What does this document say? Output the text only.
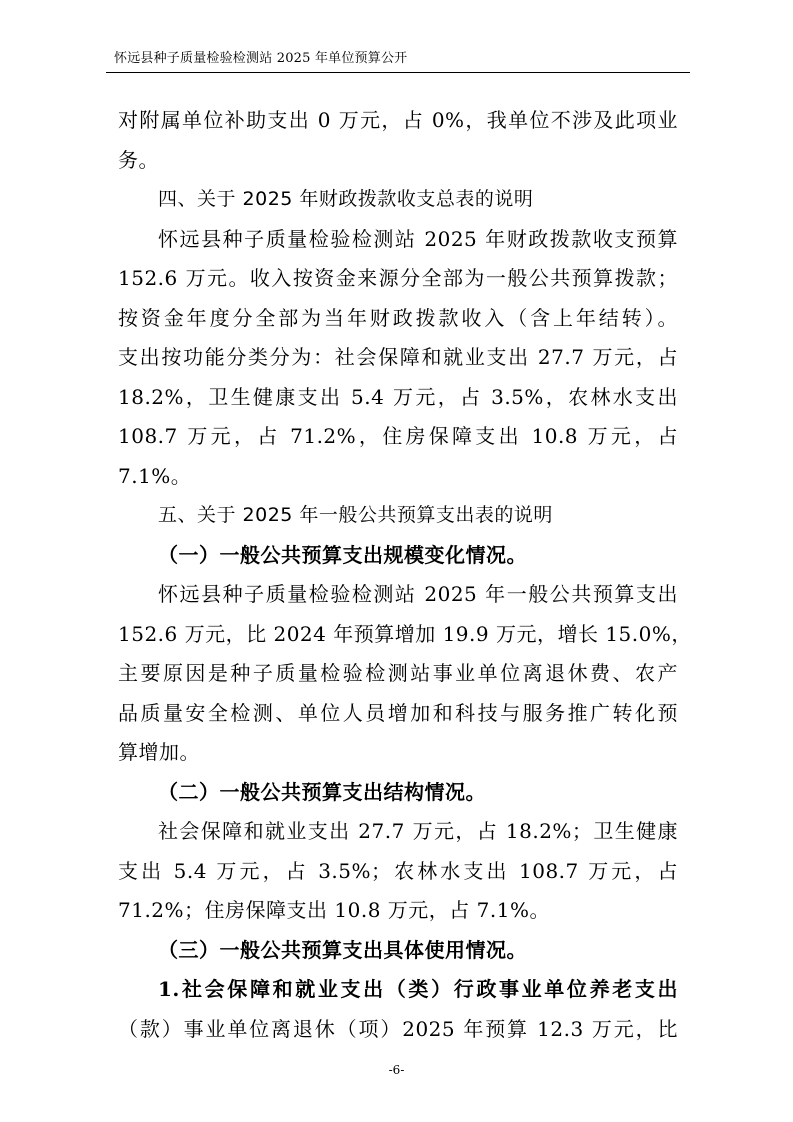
怀远县种子质量检验检测站 2025 年单位预算公开
对附属单位补助支出 0 万元，占 0%，我单位不涉及此项业
务。
四、关于 2025 年财政拨款收支总表的说明
怀远县种子质量检验检测站 2025 年财政拨款收支预算
152.6 万元。收入按资金来源分全部为一般公共预算拨款；
按资金年度分全部为当年财政拨款收入（含上年结转）。
支出按功能分类分为：社会保障和就业支出 27.7 万元，占
18.2%，卫生健康支出 5.4 万元，占 3.5%，农林水支出
108.7 万元，占 71.2%，住房保障支出 10.8 万元，占
7.1%。
五、关于 2025 年一般公共预算支出表的说明
（一）一般公共预算支出规模变化情况。
怀远县种子质量检验检测站 2025 年一般公共预算支出
152.6 万元，比 2024 年预算增加 19.9 万元，增长 15.0%，
主要原因是种子质量检验检测站事业单位离退休费、农产
品质量安全检测、单位人员增加和科技与服务推广转化预
算增加。
（二）一般公共预算支出结构情况。
社会保障和就业支出 27.7 万元，占 18.2%；卫生健康
支出 5.4 万元，占 3.5%；农林水支出 108.7 万元，占
71.2%；住房保障支出 10.8 万元，占 7.1%。
（三）一般公共预算支出具体使用情况。
1.社会保障和就业支出（类）行政事业单位养老支出
（款）事业单位离退休（项）2025 年预算 12.3 万元，比
-6-
